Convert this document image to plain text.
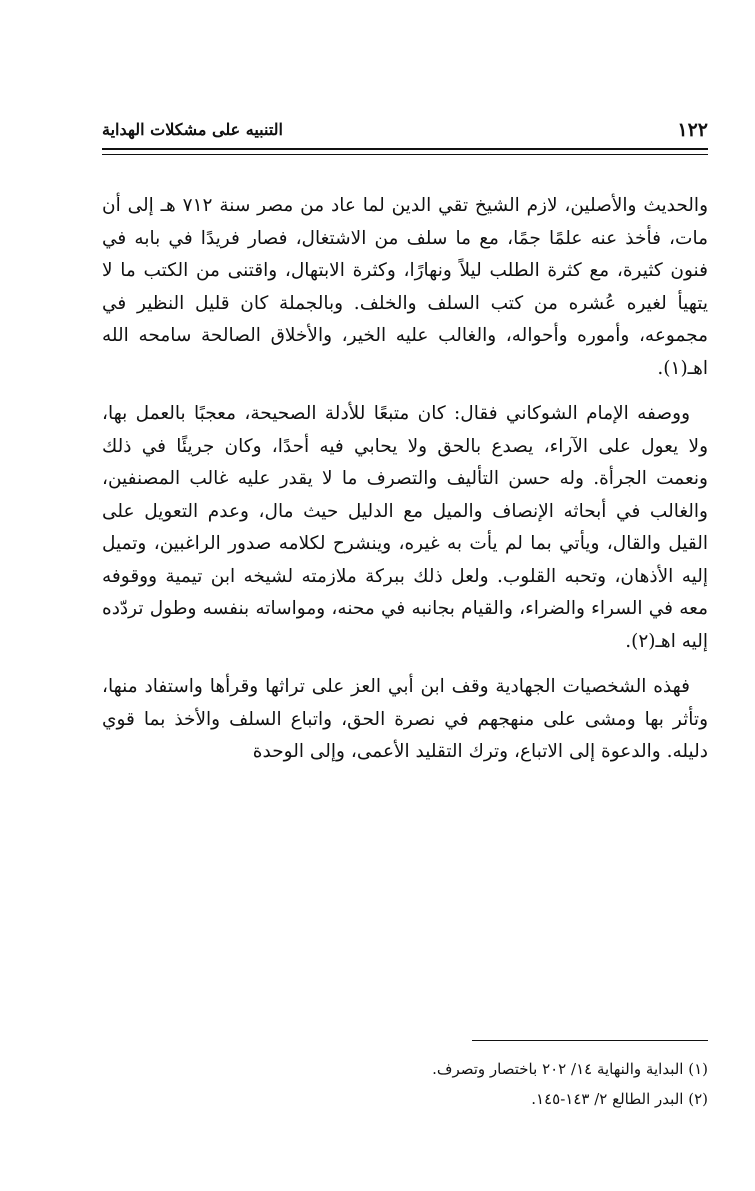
١٢٢
التنبيه على مشكلات الهداية

والحديث والأصلين، لازم الشيخ تقي الدين لما عاد من مصر سنة ٧١٢ هـ إلى أن مات، فأخذ عنه علمًا جمًا، مع ما سلف من الاشتغال، فصار فريدًا في بابه في فنون كثيرة، مع كثرة الطلب ليلاً ونهارًا، وكثرة الابتهال، واقتنى من الكتب ما لا يتهيأ لغيره عُشره من كتب السلف والخلف. وبالجملة كان قليل النظير في مجموعه، وأموره وأحواله، والغالب عليه الخير، والأخلاق الصالحة سامحه الله اهـ(١).

ووصفه الإمام الشوكاني فقال: كان متبعًا للأدلة الصحيحة، معجبًا بالعمل بها، ولا يعول على الآراء، يصدع بالحق ولا يحابي فيه أحدًا، وكان جريئًا في ذلك ونعمت الجرأة. وله حسن التأليف والتصرف ما لا يقدر عليه غالب المصنفين، والغالب في أبحاثه الإنصاف والميل مع الدليل حيث مال، وعدم التعويل على القيل والقال، ويأتي بما لم يأت به غيره، وينشرح لكلامه صدور الراغبين، وتميل إليه الأذهان، وتحبه القلوب. ولعل ذلك ببركة ملازمته لشيخه ابن تيمية ووقوفه معه في السراء والضراء، والقيام بجانبه في محنه، ومواساته بنفسه وطول تردّده إليه اهـ(٢).

فهذه الشخصيات الجهادية وقف ابن أبي العز على تراثها وقرأها واستفاد منها، وتأثر بها ومشى على منهجهم في نصرة الحق، واتباع السلف والأخذ بما قوي دليله. والدعوة إلى الاتباع، وترك التقليد الأعمى، وإلى الوحدة

(١) البداية والنهاية ١٤/ ٢٠٢ باختصار وتصرف.
(٢) البدر الطالع ٢/ ١٤٣-١٤٥.
